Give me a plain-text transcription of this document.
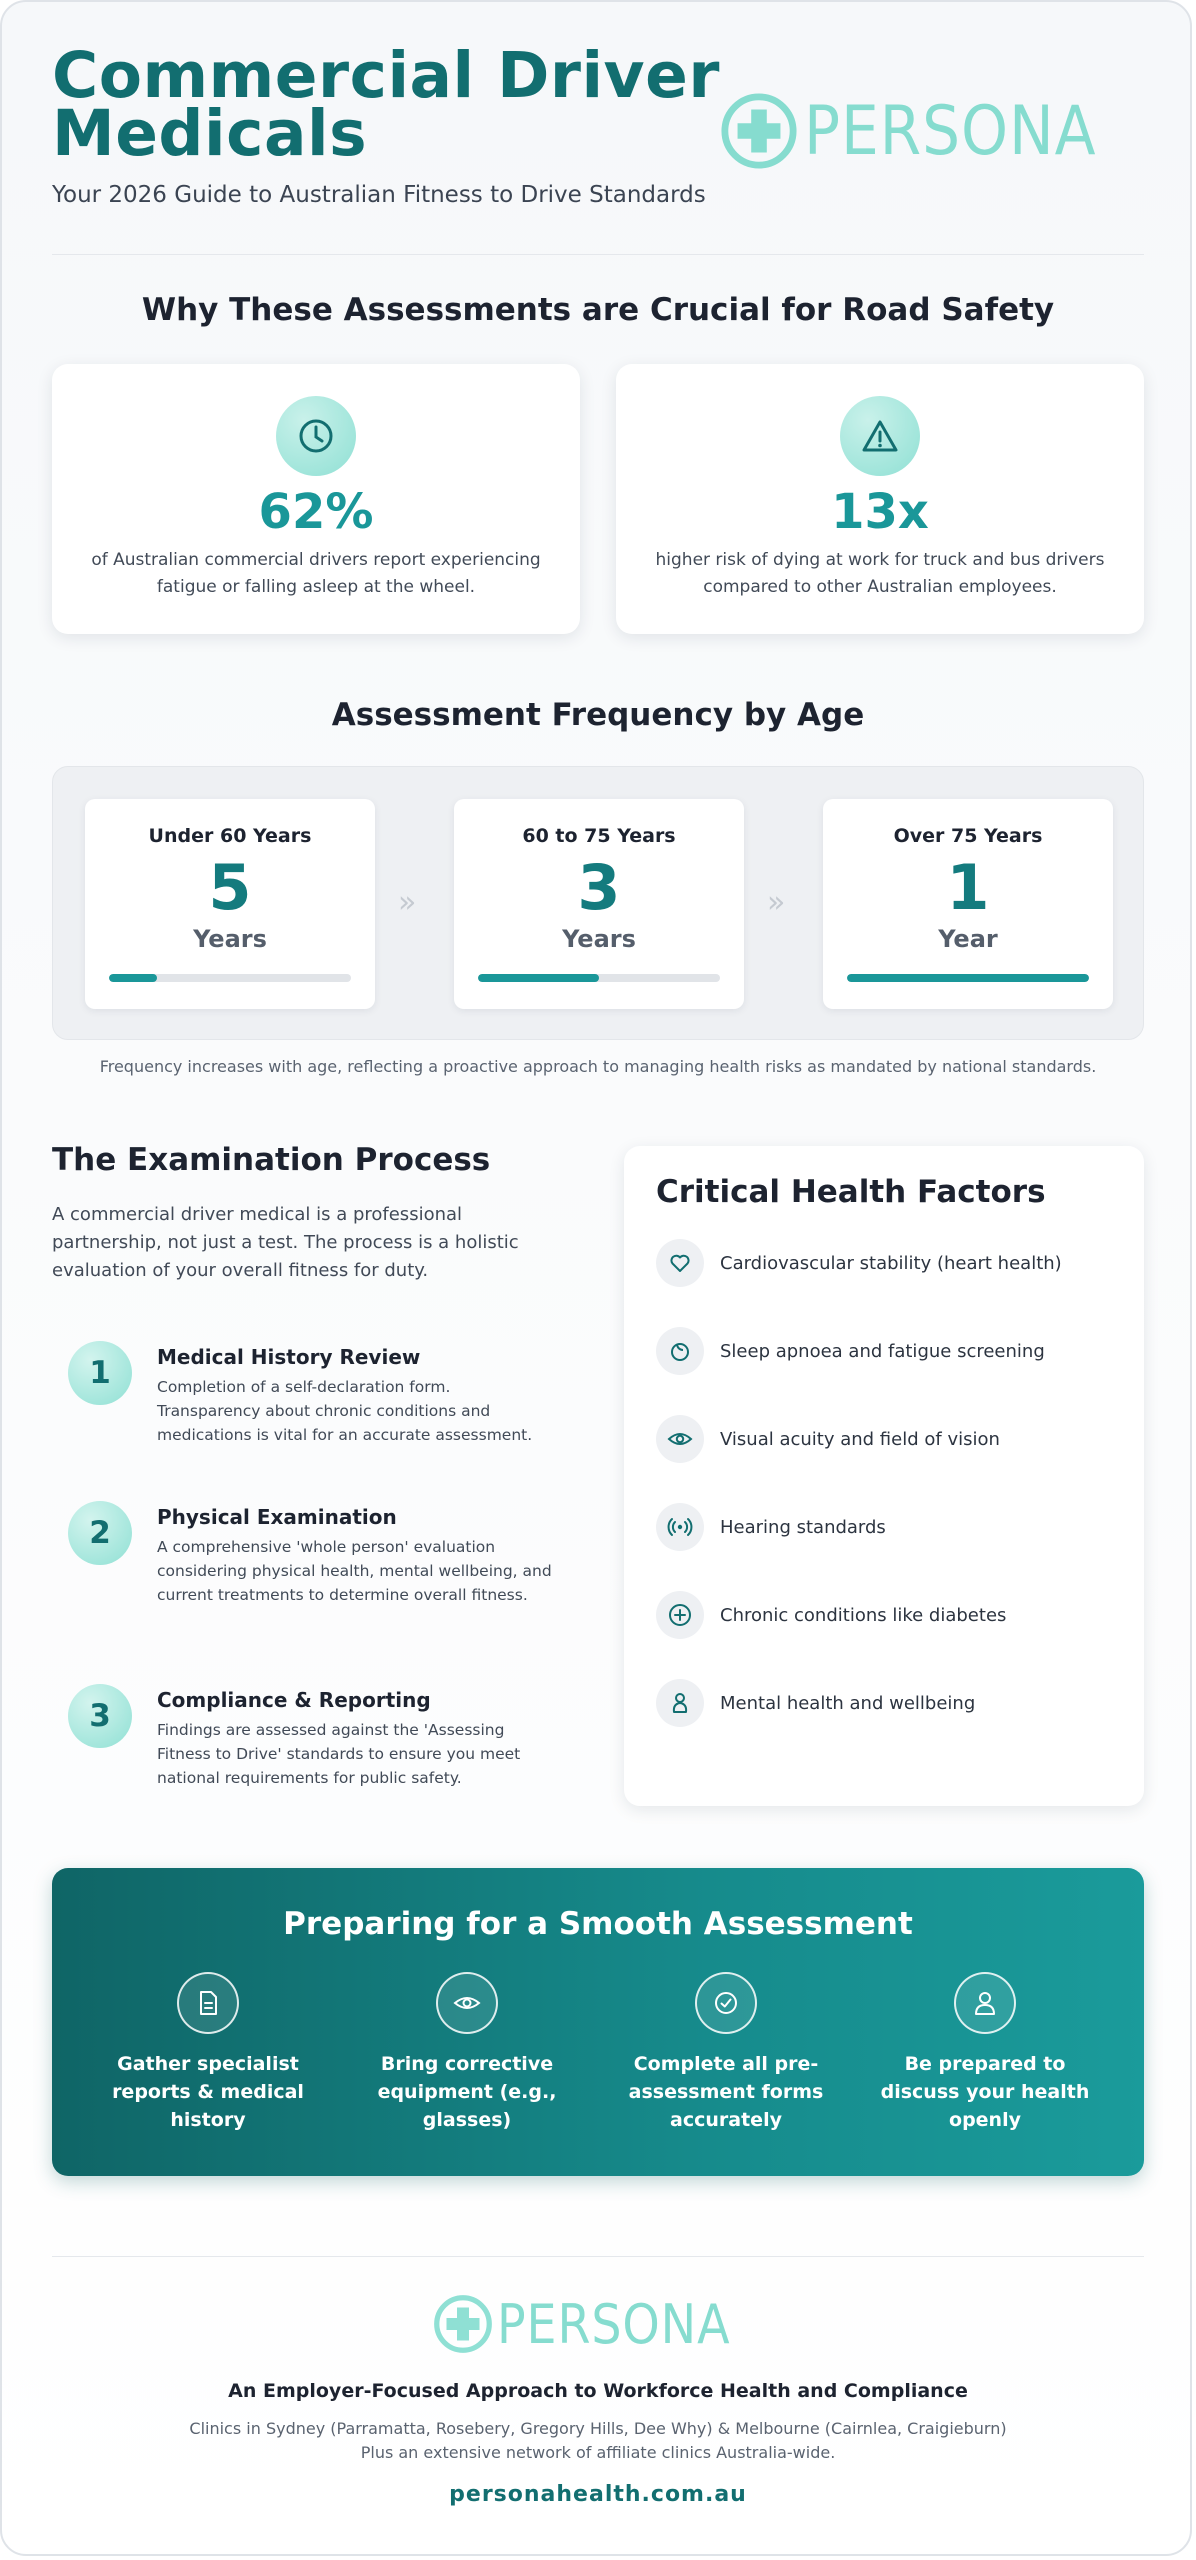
Commercial Driver
Medicals
Your 2026 Guide to Australian Fitness to Drive Standards
PERSONA
Why These Assessments are Crucial for Road Safety
62%
of Australian commercial drivers report experiencing fatigue or falling asleep at the wheel.
13x
higher risk of dying at work for truck and bus drivers compared to other Australian employees.
Assessment Frequency by Age
Under 60 Years
5
Years
»
60 to 75 Years
3
Years
»
Over 75 Years
1
Year
Frequency increases with age, reflecting a proactive approach to managing health risks as mandated by national standards.
The Examination Process
A commercial driver medical is a professional partnership, not just a test. The process is a holistic evaluation of your overall fitness for duty.
1	Medical History Review
Completion of a self-declaration form. Transparency about chronic conditions and medications is vital for an accurate assessment.
2	Physical Examination
A comprehensive 'whole person' evaluation considering physical health, mental wellbeing, and current treatments to determine overall fitness.
3	Compliance & Reporting
Findings are assessed against the 'Assessing Fitness to Drive' standards to ensure you meet national requirements for public safety.
Critical Health Factors
Cardiovascular stability (heart health)
Sleep apnoea and fatigue screening
Visual acuity and field of vision
Hearing standards
Chronic conditions like diabetes
Mental health and wellbeing
Preparing for a Smooth Assessment
Gather specialist reports & medical history
Bring corrective equipment (e.g., glasses)
Complete all pre-assessment forms accurately
Be prepared to discuss your health openly
PERSONA
An Employer-Focused Approach to Workforce Health and Compliance
Clinics in Sydney (Parramatta, Rosebery, Gregory Hills, Dee Why) & Melbourne (Cairnlea, Craigieburn)
Plus an extensive network of affiliate clinics Australia-wide.
personahealth.com.au
